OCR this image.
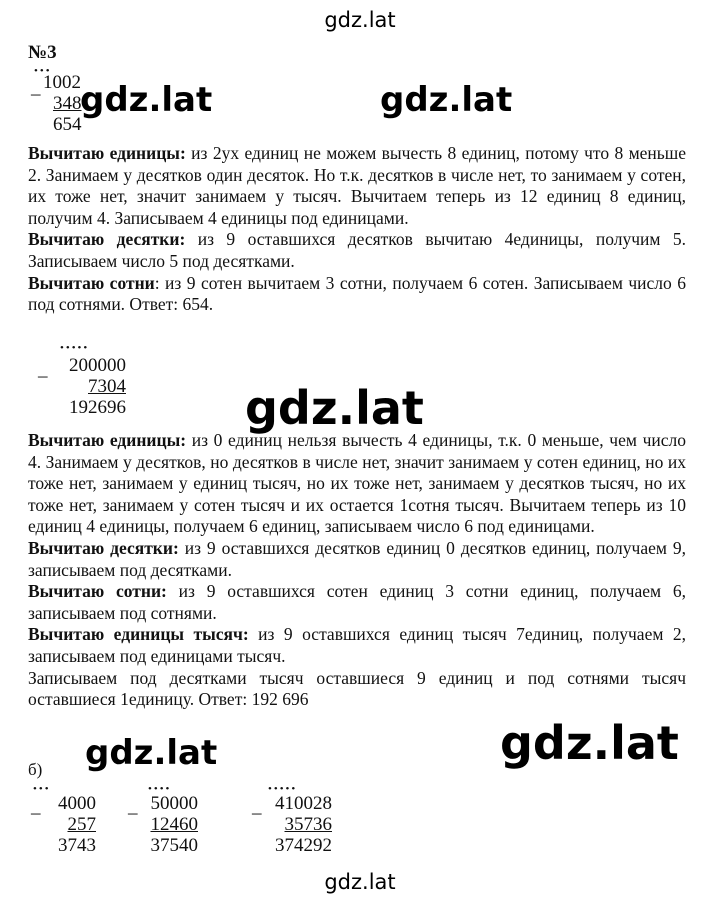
gdz.lat
№3
•••
_ 1002
348
654
gdz.lat	gdz.lat

Вычитаю единицы: из 2ух единиц не можем вычесть 8 единиц, потому что 8 меньше 2. Занимаем у десятков один десяток. Но т.к. десятков в числе нет, то занимаем у сотен, их тоже нет, значит занимаем у тысяч. Вычитаем теперь из 12 единиц 8 единиц, получим 4. Записываем 4 единицы под единицами.

Вычитаю десятки: из 9 оставшихся десятков вычитаю 4единицы, получим 5. Записываем число 5 под десятками.

Вычитаю сотни: из 9 сотен вычитаем 3 сотни, получаем 6 сотен. Записываем число 6 под сотнями. Ответ: 654.

•••••
_	200000
7304
192696	gdz.lat

Вычитаю единицы: из 0 единиц нельзя вычесть 4 единицы, т.к. 0 меньше, чем число 4. Занимаем у десятков, но десятков в числе нет, значит занимаем у сотен единиц, но их тоже нет, занимаем у единиц тысяч, но их тоже нет, занимаем у десятков тысяч, но их тоже нет, занимаем у сотен тысяч и их остается 1сотня тысяч. Вычитаем теперь из 10 единиц 4 единицы, получаем 6 единиц, записываем число 6 под единицами.

Вычитаю десятки: из 9 оставшихся десятков единиц 0 десятков единиц, получаем 9, записываем под десятками.

Вычитаю сотни: из 9 оставшихся сотен единиц 3 сотни единиц, получаем 6, записываем под сотнями.

Вычитаю единицы тысяч: из 9 оставшихся единиц тысяч 7единиц, получаем 2, записываем под единицами тысяч.

Записываем под десятками тысяч оставшиеся 9 единиц и под сотнями тысяч оставшиеся 1единицу. Ответ: 192 696

gdz.lat	gdz.lat
б)
•••
_ 4000
257
3743
••••
_ 50000
12460
37540
•••••
_ 410028
35736
374292
gdz.lat
